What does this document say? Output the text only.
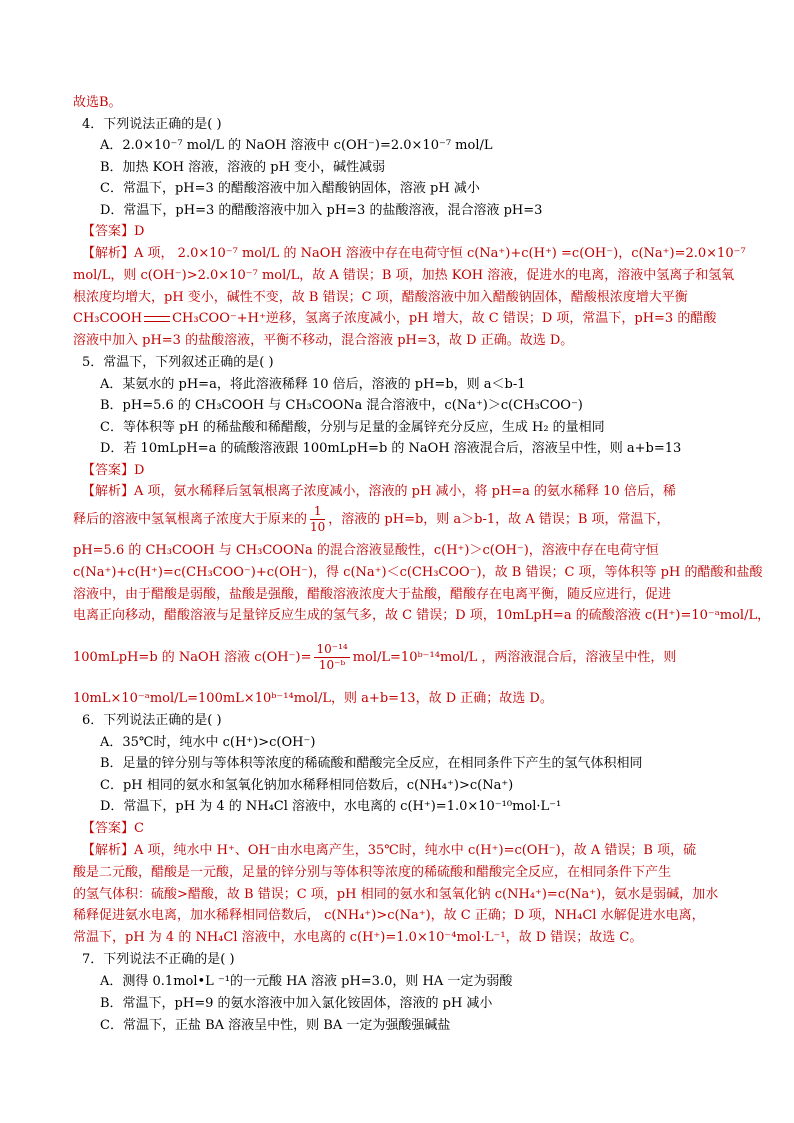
故选B。
4．下列说法正确的是( )
A．2.0×10⁻⁷ mol/L 的 NaOH 溶液中 c(OH⁻)=2.0×10⁻⁷ mol/L
B．加热 KOH 溶液，溶液的 pH 变小，碱性减弱
C．常温下，pH=3 的醋酸溶液中加入醋酸钠固体，溶液 pH 减小
D．常温下，pH=3 的醋酸溶液中加入 pH=3 的盐酸溶液，混合溶液 pH=3
【答案】D
【解析】A 项， 2.0×10⁻⁷ mol/L 的 NaOH 溶液中存在电荷守恒 c(Na⁺)+c(H⁺) =c(OH⁻)，c(Na⁺)=2.0×10⁻⁷
mol/L，则 c(OH⁻)>2.0×10⁻⁷ mol/L，故 A 错误；B 项，加热 KOH 溶液，促进水的电离，溶液中氢离子和氢氧
根浓度均增大，pH 变小，碱性不变，故 B 错误；C 项，醋酸溶液中加入醋酸钠固体，醋酸根浓度增大平衡
CH₃COOH CH₃COO⁻+H⁺逆移，氢离子浓度减小，pH 增大，故 C 错误；D 项，常温下，pH=3 的醋酸
溶液中加入 pH=3 的盐酸溶液，平衡不移动，混合溶液 pH=3，故 D 正确。故选 D。
5．常温下，下列叙述正确的是( )
A．某氨水的 pH=a，将此溶液稀释 10 倍后，溶液的 pH=b，则 a＜b-1
B．pH=5.6 的 CH₃COOH 与 CH₃COONa 混合溶液中，c(Na⁺)＞c(CH₃COO⁻)
C．等体积等 pH 的稀盐酸和稀醋酸，分别与足量的金属锌充分反应，生成 H₂ 的量相同
D．若 10mLpH=a 的硫酸溶液跟 100mLpH=b 的 NaOH 溶液混合后，溶液呈中性，则 a+b=13
【答案】D
【解析】A 项，氨水稀释后氢氧根离子浓度减小，溶液的 pH 减小，将 pH=a 的氨水稀释 10 倍后，稀
释后的溶液中氢氧根离子浓度大于原来的 $\frac{1}{10}$ ，溶液的 pH=b，则 a＞b-1，故 A 错误；B 项，常温下，
pH=5.6 的 CH₃COOH 与 CH₃COONa 的混合溶液显酸性，c(H⁺)＞c(OH⁻)，溶液中存在电荷守恒
c(Na⁺)+c(H⁺)=c(CH₃COO⁻)+c(OH⁻)，得 c(Na⁺)＜c(CH₃COO⁻)，故 B 错误；C 项，等体积等 pH 的醋酸和盐酸
溶液中，由于醋酸是弱酸，盐酸是强酸，醋酸溶液浓度大于盐酸，醋酸存在电离平衡，随反应进行，促进
电离正向移动，醋酸溶液与足量锌反应生成的氢气多，故 C 错误；D 项，10mLpH=a 的硫酸溶液 c(H⁺)=10⁻ᵃmol/L，
100mLpH=b 的 NaOH 溶液 $c(OH^-)= \frac{\text{10⁻¹⁴}}{\text{10⁻ᵇ}}$ mol/L=10ᵇ⁻¹⁴mol/L ，两溶液混合后，溶液呈中性，则
10mL×10⁻ᵃmol/L=100mL×10ᵇ⁻¹⁴mol/L，则 a+b=13，故 D 正确；故选 D。
6．下列说法正确的是( )
A．35℃时，纯水中 c(H⁺)>c(OH⁻)
B．足量的锌分别与等体积等浓度的稀硫酸和醋酸完全反应，在相同条件下产生的氢气体积相同
C．pH 相同的氨水和氢氧化钠加水稀释相同倍数后，c(NH₄⁺)>c(Na⁺)
D．常温下，pH 为 4 的 NH₄Cl 溶液中，水电离的 c(H⁺)=1.0×10⁻¹⁰mol·L⁻¹
【答案】C
【解析】A 项，纯水中 H⁺、OH⁻由水电离产生，35℃时，纯水中 c(H⁺)=c(OH⁻)，故 A 错误；B 项，硫
酸是二元酸，醋酸是一元酸，足量的锌分别与等体积等浓度的稀硫酸和醋酸完全反应，在相同条件下产生
的氢气体积：硫酸>醋酸，故 B 错误；C 项，pH 相同的氨水和氢氧化钠 c(NH₄⁺)=c(Na⁺)，氨水是弱碱，加水
稀释促进氨水电离，加水稀释相同倍数后， c(NH₄⁺)>c(Na⁺)，故 C 正确；D 项，NH₄Cl 水解促进水电离，
常温下，pH 为 4 的 NH₄Cl 溶液中，水电离的 c(H⁺)=1.0×10⁻⁴mol·L⁻¹，故 D 错误；故选 C。
7．下列说法不正确的是( )
A．测得 0.1mol•L ⁻¹的一元酸 HA 溶液 pH=3.0，则 HA 一定为弱酸
B．常温下，pH=9 的氨水溶液中加入氯化铵固体，溶液的 pH 减小
C．常温下，正盐 BA 溶液呈中性，则 BA 一定为强酸强碱盐
